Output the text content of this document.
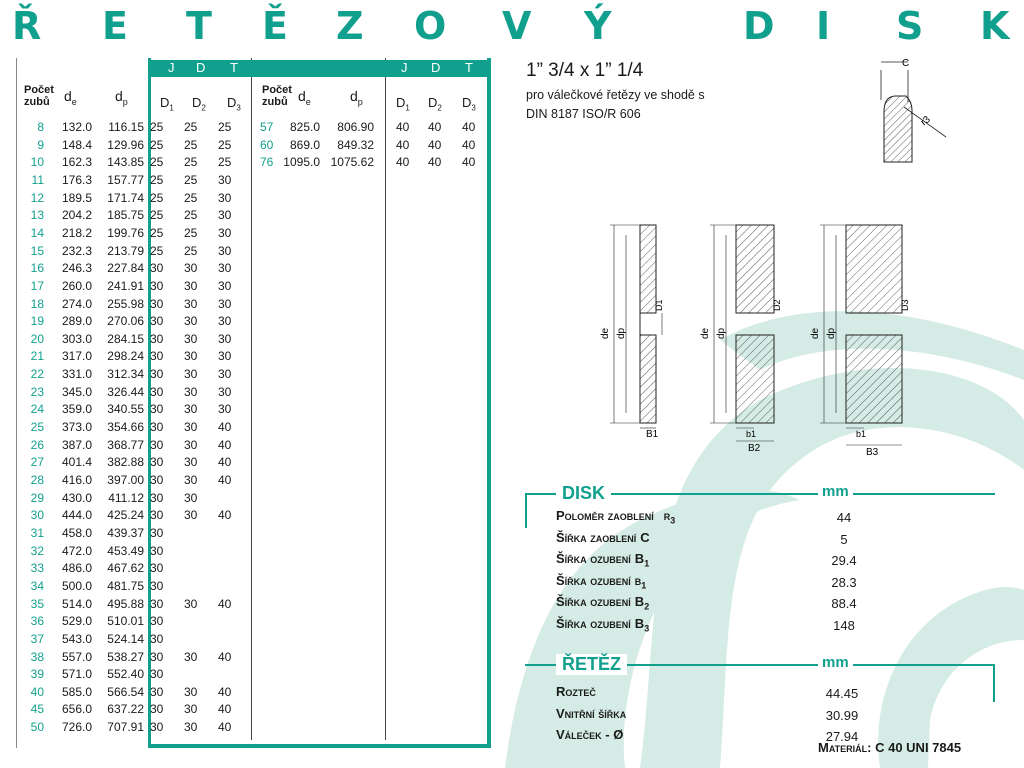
Ř E T Ě Z O V Ý	D I S K
J D T	J D T
Počet
zubů	$d_e$	$d_p$ $D_1$ $D_2$ $D_3$
Počet
zubů $d_e$	$d_p$	$D_1$ $D_2$ $D_3$
8	132.0	116.15 25	25	25
9	148.4	129.96 25	25	25
10	162.3	143.85 25	25	25
11	176.3	157.77 25	25	30
12	189.5	171.74 25	25	30
13	204.2	185.75 25	25	30
14	218.2	199.76 25	25	30
15	232.3	213.79 25	25	30
16	246.3	227.84 30	30	30
17	260.0	241.91 30	30	30
18	274.0	255.98 30	30	30
19	289.0	270.06 30	30	30
20	303.0	284.15 30	30	30
21	317.0	298.24 30	30	30
22	331.0	312.34 30	30	30
23	345.0	326.44 30	30	30
24	359.0	340.55 30	30	30
25	373.0	354.66 30	30	40
26	387.0	368.77 30	30	40
27	401.4	382.88 30	30	40
28	416.0	397.00 30	30	40
29	430.0	411.12 30	30
30	444.0	425.24 30	30	40
31	458.0	439.37 30
32	472.0	453.49 30
33	486.0	467.62 30
34	500.0	481.75 30
35	514.0	495.88 30	30	40
36	529.0	510.01 30
37	543.0	524.14 30
38	557.0	538.27 30	30	40
39	571.0	552.40 30
40	585.0	566.54 30	30	40
45	656.0	637.22 30	30	40
50	726.0	707.91 30	30	40
57	825.0	806.90 40	40	40
60	869.0	849.32 40	40	40
76 1095.0 1075.62 40	40	40
1” 3/4 x 1” 1/4
pro válečkové řetězy ve shodě s
DIN 8187 ISO/R 606
C
r3
de dp
D1
B1
de dp
D2
b1
B2
de dp
D3
b1
B3
DISK	mm
Poloměr zaoblení $r_3$	44
Šířka zaoblení C	5
Šířka ozubení $B_1$	29.4
Šířka ozubení $b_1$	28.3
Šířka ozubení $B_2$	88.4
Šířka ozubení $B_3$	148
ŘETĚZ	mm
Rozteč	44.45
Vnitřní šířka	30.99
Váleček - Ø	27.94
Materiál: C 40 UNI 7845
